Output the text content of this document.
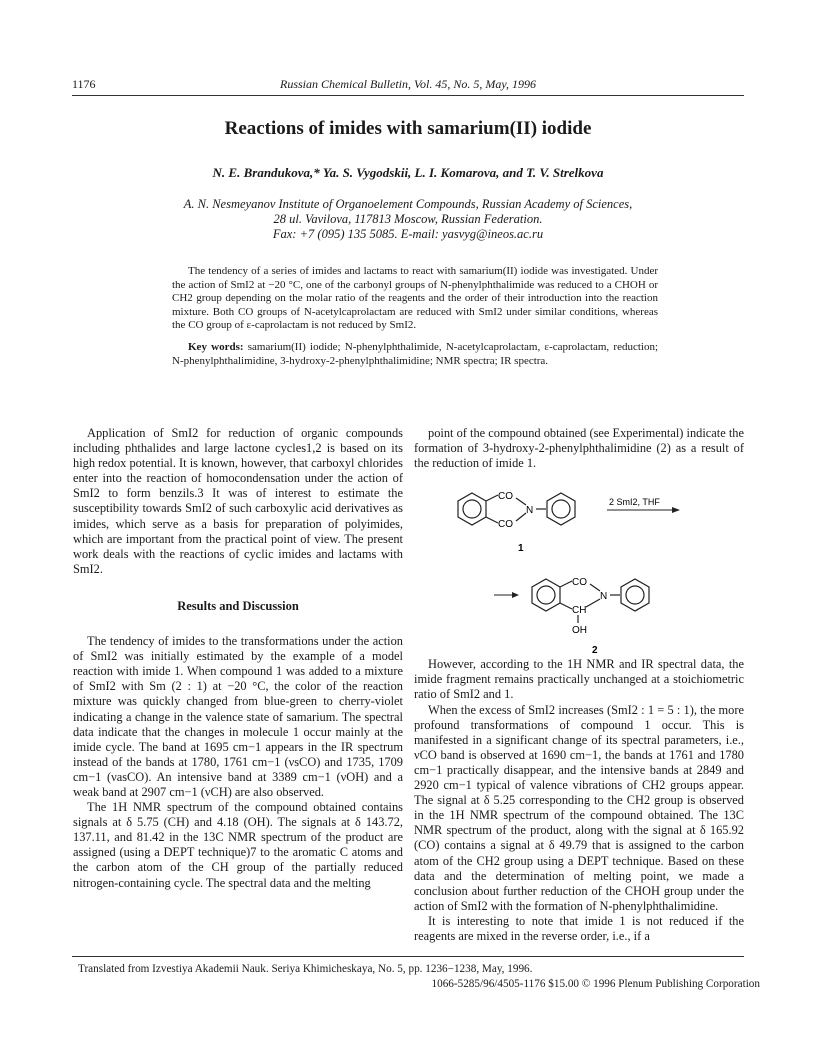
1176	Russian Chemical Bulletin, Vol. 45, No. 5, May, 1996
Reactions of imides with samarium(II) iodide
N. E. Brandukova,* Ya. S. Vygodskii, L. I. Komarova, and T. V. Strelkova
A. N. Nesmeyanov Institute of Organoelement Compounds, Russian Academy of Sciences,
28 ul. Vavilova, 117813 Moscow, Russian Federation.
Fax: +7 (095) 135 5085. E-mail: yasvyg@ineos.ac.ru

The tendency of a series of imides and lactams to react with samarium(II) iodide was investigated. Under the action of SmI2 at −20 °C, one of the carbonyl groups of N-phenylphthalimide was reduced to a CHOH or CH2 group depending on the molar ratio of the reagents and the order of their introduction into the reaction mixture. Both CO groups of N-acetylcaprolactam are reduced with SmI2 under similar conditions, whereas the CO group of ε-caprolactam is not reduced by SmI2.

Key words: samarium(II) iodide; N-phenylphthalimide, N-acetylcaprolactam, ε-caprolactam, reduction; N-phenylphthalimidine, 3-hydroxy-2-phenylphthalimidine; NMR spectra; IR spectra.

Application of SmI2 for reduction of organic compounds including phthalides and large lactone cycles1,2 is based on its high redox potential. It is known, however, that carboxyl chlorides enter into the reaction of homocondensation under the action of SmI2 to form benzils.3 It was of interest to estimate the susceptibility towards SmI2 of such carboxylic acid derivatives as imides, which serve as a basis for preparation of polyimides, which are important from the practical point of view. The present work deals with the reactions of cyclic imides and lactams with SmI2.

Results and Discussion

The tendency of imides to the transformations under the action of SmI2 was initially estimated by the example of a model reaction with imide 1. When compound 1 was added to a mixture of SmI2 with Sm (2 : 1) at −20 °C, the color of the reaction mixture was quickly changed from blue-green to cherry-violet indicating a change in the valence state of samarium. The spectral data indicate that the changes in molecule 1 occur mainly at the imide cycle. The band at 1695 cm−1 appears in the IR spectrum instead of the bands at 1780, 1761 cm−1 (νsCO) and 1735, 1709 cm−1 (νasCO). An intensive band at 3389 cm−1 (νOH) and a weak band at 2907 cm−1 (νCH) are also observed.

The 1H NMR spectrum of the compound obtained contains signals at δ 5.75 (CH) and 4.18 (OH). The signals at δ 143.72, 137.11, and 81.42 in the 13C NMR spectrum of the product are assigned (using a DEPT technique)7 to the aromatic C atoms and the carbon atom of the CH group of the partially reduced nitrogen-containing cycle. The spectral data and the melting

point of the compound obtained (see Experimental) indicate the formation of 3-hydroxy-2-phenylphthalimidine (2) as a result of the reduction of imide 1.

CO
CO
N
2 SmI2, THF
1
CO
CH
OH
N
2

However, according to the 1H NMR and IR spectral data, the imide fragment remains practically unchanged at a stoichiometric ratio of SmI2 and 1.

When the excess of SmI2 increases (SmI2 : 1 = 5 : 1), the more profound transformations of compound 1 occur. This is manifested in a significant change of its spectral parameters, i.e., νCO band is observed at 1690 cm−1, the bands at 1761 and 1780 cm−1 practically disappear, and the intensive bands at 2849 and 2920 cm−1 typical of valence vibrations of CH2 groups appear. The signal at δ 5.25 corresponding to the CH2 group is observed in the 1H NMR spectrum of the compound obtained. The 13C NMR spectrum of the product, along with the signal at δ 165.92 (CO) contains a signal at δ 49.79 that is assigned to the carbon atom of the CH2 group using a DEPT technique. Based on these data and the determination of melting point, we made a conclusion about further reduction of the CHOH group under the action of SmI2 with the formation of N-phenylphthalimidine.

It is interesting to note that imide 1 is not reduced if the reagents are mixed in the reverse order, i.e., if a

Translated from Izvestiya Akademii Nauk. Seriya Khimicheskaya, No. 5, pp. 1236−1238, May, 1996.
1066-5285/96/4505-1176 $15.00 © 1996 Plenum Publishing Corporation
